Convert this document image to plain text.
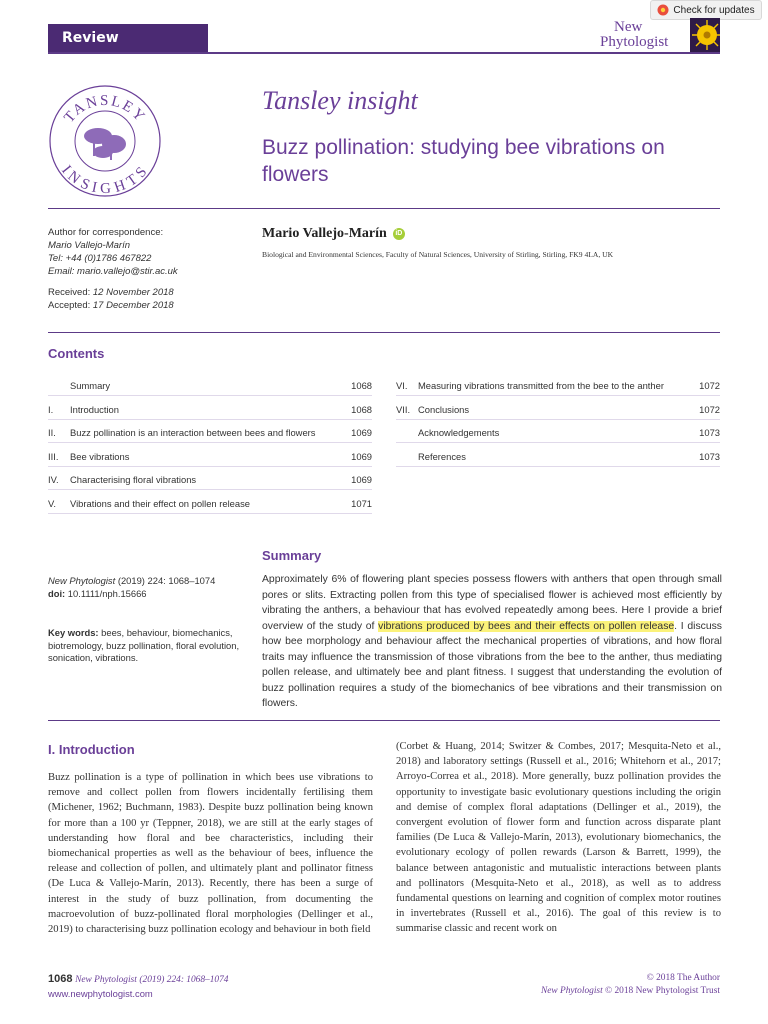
Review
Check for updates
New
Phytologist
TANSLEY
INSIGHTS
Tansley insight
Buzz pollination: studying bee vibrations on flowers
Author for correspondence:
Mario Vallejo-Marín
Tel: +44 (0)1786 467822
Email: mario.vallejo@stir.ac.uk
Mario Vallejo-Marín	iD
Biological and Environmental Sciences, Faculty of Natural Sciences, University of Stirling, Stirling, FK9 4LA, UK
Received: 12 November 2018
Accepted: 17 December 2018
Contents
Summary	1068
I. Introduction	1068
II. Buzz pollination is an interaction between bees and flowers	1069
III. Bee vibrations	1069
IV. Characterising floral vibrations	1069
V. Vibrations and their effect on pollen release	1071
VI. Measuring vibrations transmitted from the bee to the anther	1072
VII. Conclusions	1072
Acknowledgements	1073
References	1073
Summary
New Phytologist (2019) 224: 1068–1074
doi: 10.1111/nph.15666
Key words: bees, behaviour, biomechanics, biotremology, buzz pollination, floral evolution, sonication, vibrations.
Approximately 6% of flowering plant species possess flowers with anthers that open through small pores or slits. Extracting pollen from this type of specialised flower is achieved most efficiently by vibrating the anthers, a behaviour that has evolved repeatedly among bees. Here I provide a brief overview of the study of vibrations produced by bees and their effects on pollen release. I discuss how bee morphology and behaviour affect the mechanical properties of vibrations, and how floral traits may influence the transmission of those vibrations from the bee to the anther, thus mediating pollen release, and ultimately bee and plant fitness. I suggest that understanding the evolution of buzz pollination requires a study of the biomechanics of bee vibrations and their transmission on flowers.
I. Introduction
Buzz pollination is a type of pollination in which bees use vibrations to remove and collect pollen from flowers incidentally fertilising them (Michener, 1962; Buchmann, 1983). Despite buzz pollination being known for more than a 100 yr (Teppner, 2018), we are still at the early stages of understanding how floral and bee characteristics, including their biomechanical properties as well as the behaviour of bees, influence the release and collection of pollen, and ultimately plant and pollinator fitness (De Luca & Vallejo-Marín, 2013). Recently, there has been a surge of interest in the study of buzz pollination, from documenting the macroevolution of buzz-pollinated floral morphologies (Dellinger et al., 2019) to characterising buzz pollination ecology and behaviour in both field
(Corbet & Huang, 2014; Switzer & Combes, 2017; Mesquita-Neto et al., 2018) and laboratory settings (Russell et al., 2016; Whitehorn et al., 2017; Arroyo-Correa et al., 2018). More generally, buzz pollination provides the opportunity to investigate basic evolutionary questions including the origin and demise of complex floral adaptations (Dellinger et al., 2019), the convergent evolution of flower form and function across disparate plant families (De Luca & Vallejo-Marín, 2013), evolutionary biomechanics, the evolutionary ecology of pollen rewards (Larson & Barrett, 1999), the balance between antagonistic and mutualistic interactions between plants and pollinators (Mesquita-Neto et al., 2018), as well as to address fundamental questions on learning and cognition of complex motor routines in invertebrates (Russell et al., 2016). The goal of this review is to summarise classic and recent work on
1068 New Phytologist (2019) 224: 1068–1074
www.newphytologist.com
© 2018 The Author
New Phytologist © 2018 New Phytologist Trust
